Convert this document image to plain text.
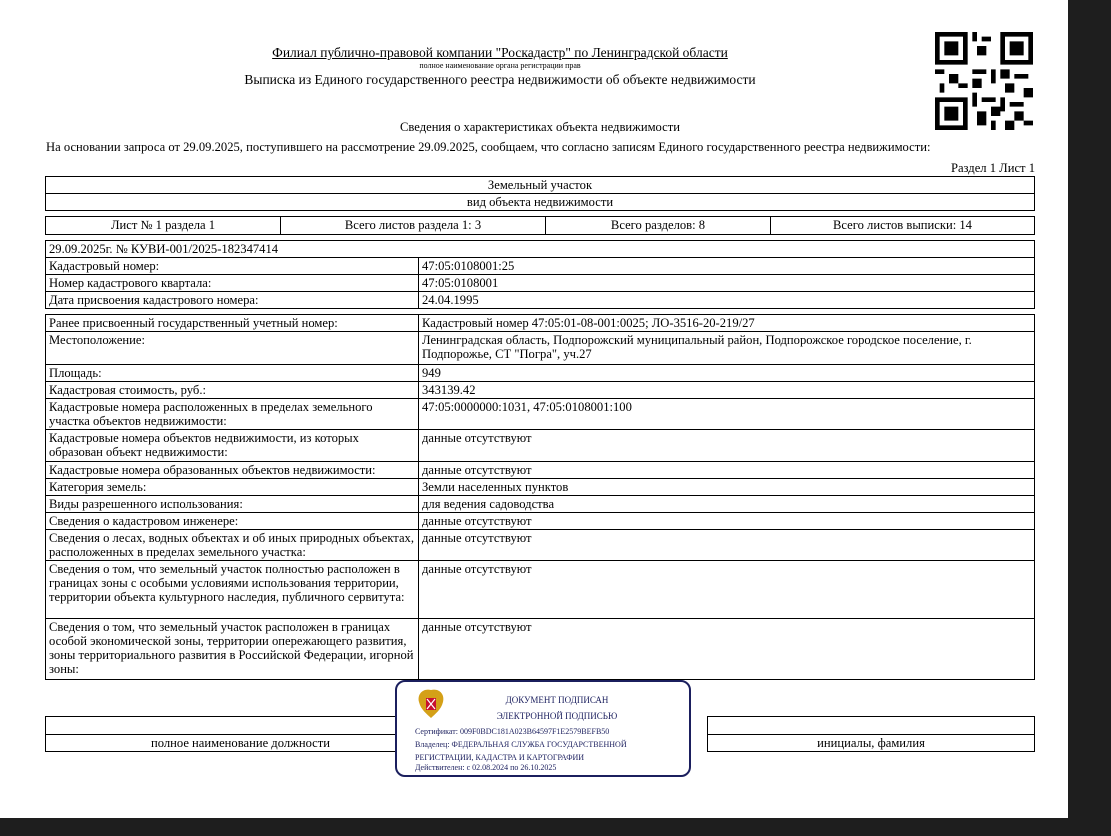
Филиал публично-правовой компании "Роскадастр" по Ленинградской области
полное наименование органа регистрации прав
Выписка из Единого государственного реестра недвижимости об объекте недвижимости
Сведения о характеристиках объекта недвижимости
На основании запроса от 29.09.2025, поступившего на рассмотрение 29.09.2025, сообщаем, что согласно записям Единого государственного реестра недвижимости:
Раздел 1 Лист 1
Земельный участок
вид объекта недвижимости
Лист № 1 раздела 1	Всего листов раздела 1: 3	Всего разделов: 8	Всего листов выписки: 14
29.09.2025г. № КУВИ-001/2025-182347414	
Кадастровый номер:	47:05:0108001:25
Номер кадастрового квартала:	47:05:0108001
Дата присвоения кадастрового номера:	24.04.1995
Ранее присвоенный государственный учетный номер:	Кадастровый номер 47:05:01-08-001:0025; ЛО-3516-20-219/27
Местоположение:	Ленинградская область, Подпорожский муниципальный район, Подпорожское городское поселение, г. Подпорожье, СТ "Погра", уч.27
Площадь:	949
Кадастровая стоимость, руб.:	343139.42
Кадастровые номера расположенных в пределах земельного участка объектов недвижимости:	47:05:0000000:1031, 47:05:0108001:100
Кадастровые номера объектов недвижимости, из которых образован объект недвижимости:	данные отсутствуют
Кадастровые номера образованных объектов недвижимости:	данные отсутствуют
Категория земель:	Земли населенных пунктов
Виды разрешенного использования:	для ведения садоводства
Сведения о кадастровом инженере:	данные отсутствуют
Сведения о лесах, водных объектах и об иных природных объектах, расположенных в пределах земельного участка:	данные отсутствуют
Сведения о том, что земельный участок полностью расположен в границах зоны с особыми условиями использования территории, территории объекта культурного наследия, публичного сервитута:	данные отсутствуют
Сведения о том, что земельный участок расположен в границах особой экономической зоны, территории опережающего развития, зоны территориального развития в Российской Федерации, игорной зоны:	данные отсутствуют

полное наименование должности		инициалы, фамилия
ДОКУМЕНТ ПОДПИСАН
ЭЛЕКТРОННОЙ ПОДПИСЬЮ
Сертификат: 009F0BDC181A023B64597F1E2579BEFB50
Владелец: ФЕДЕРАЛЬНАЯ СЛУЖБА ГОСУДАРСТВЕННОЙ
РЕГИСТРАЦИИ, КАДАСТРА И КАРТОГРАФИИ
Действителен: с 02.08.2024 по 26.10.2025
